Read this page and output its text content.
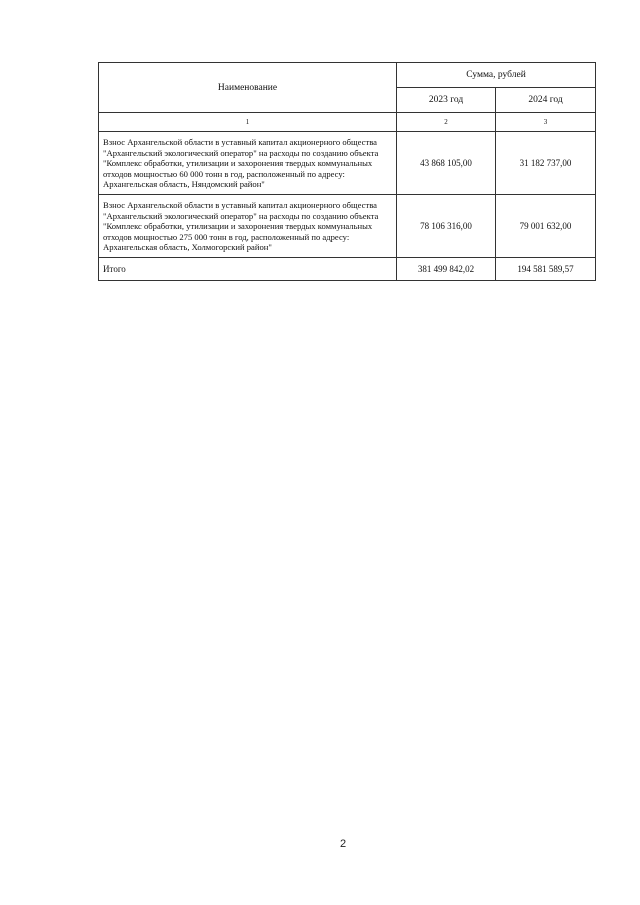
Наименование	Сумма, рублей	
	2023 год	2024 год
1	2	3
Взнос Архангельской области в уставный капитал акционерного общества "Архангельский экологический оператор" на расходы по созданию объекта "Комплекс обработки, утилизации и захоронения твердых коммунальных отходов мощностью 60 000 тонн в год, расположенный по адресу: Архангельская область, Няндомский район"	43 868 105,00	31 182 737,00
Взнос Архангельской области в уставный капитал акционерного общества "Архангельский экологический оператор" на расходы по созданию объекта "Комплекс обработки, утилизации и захоронения твердых коммунальных отходов мощностью 275 000 тонн в год, расположенный по адресу: Архангельская область, Холмогорский район"	78 106 316,00	79 001 632,00
Итого	381 499 842,02	194 581 589,57
2
